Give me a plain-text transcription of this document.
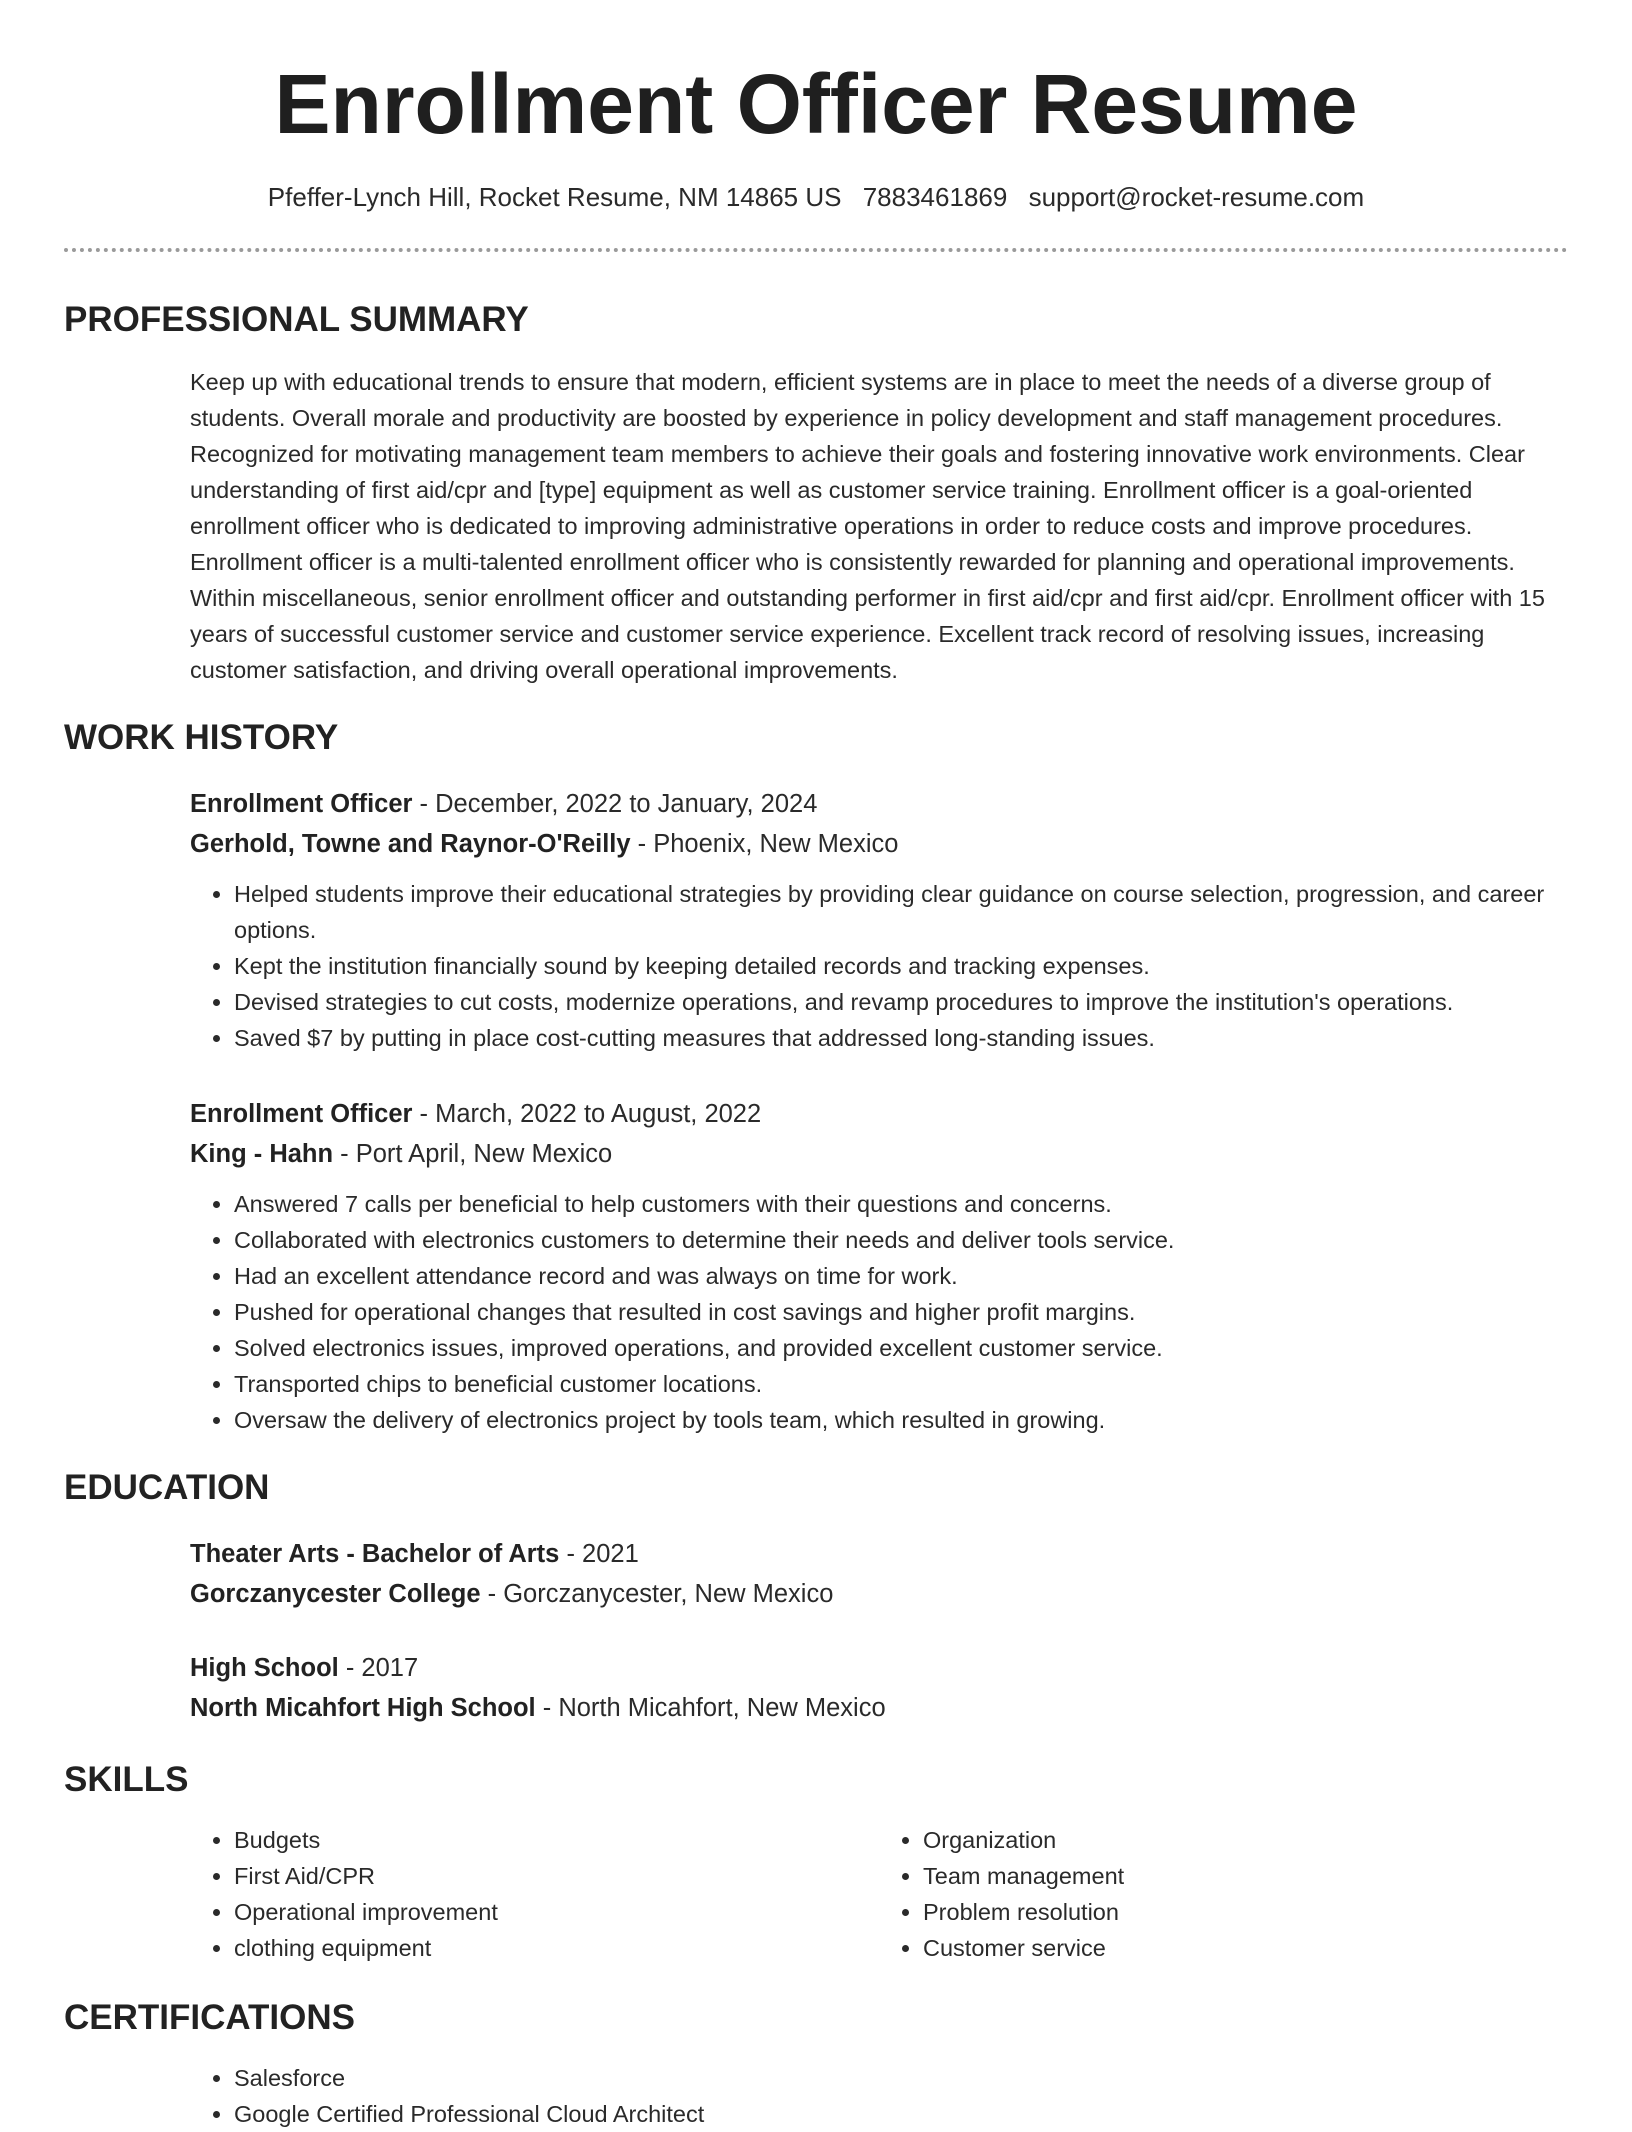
Enrollment Officer Resume
Pfeffer-Lynch Hill, Rocket Resume, NM 14865 US 7883461869 support@rocket-resume.com
PROFESSIONAL SUMMARY
Keep up with educational trends to ensure that modern, efficient systems are in place to meet the needs of a diverse group of students. Overall morale and productivity are boosted by experience in policy development and staff management procedures. Recognized for motivating management team members to achieve their goals and fostering innovative work environments. Clear understanding of first aid/cpr and [type] equipment as well as customer service training. Enrollment officer is a goal-oriented enrollment officer who is dedicated to improving administrative operations in order to reduce costs and improve procedures. Enrollment officer is a multi-talented enrollment officer who is consistently rewarded for planning and operational improvements. Within miscellaneous, senior enrollment officer and outstanding performer in first aid/cpr and first aid/cpr. Enrollment officer with 15 years of successful customer service and customer service experience. Excellent track record of resolving issues, increasing customer satisfaction, and driving overall operational improvements.
WORK HISTORY
Enrollment Officer - December, 2022 to January, 2024
Gerhold, Towne and Raynor-O'Reilly - Phoenix, New Mexico
• Helped students improve their educational strategies by providing clear guidance on course selection, progression, and career options.
• Kept the institution financially sound by keeping detailed records and tracking expenses.
• Devised strategies to cut costs, modernize operations, and revamp procedures to improve the institution's operations.
• Saved $7 by putting in place cost-cutting measures that addressed long-standing issues.
Enrollment Officer - March, 2022 to August, 2022
King - Hahn - Port April, New Mexico
• Answered 7 calls per beneficial to help customers with their questions and concerns.
• Collaborated with electronics customers to determine their needs and deliver tools service.
• Had an excellent attendance record and was always on time for work.
• Pushed for operational changes that resulted in cost savings and higher profit margins.
• Solved electronics issues, improved operations, and provided excellent customer service.
• Transported chips to beneficial customer locations.
• Oversaw the delivery of electronics project by tools team, which resulted in growing.
EDUCATION
Theater Arts - Bachelor of Arts - 2021
Gorczanycester College - Gorczanycester, New Mexico
High School - 2017
North Micahfort High School - North Micahfort, New Mexico
SKILLS
• Budgets
• First Aid/CPR
• Operational improvement
• clothing equipment
• Organization
• Team management
• Problem resolution
• Customer service
CERTIFICATIONS
• Salesforce
• Google Certified Professional Cloud Architect
